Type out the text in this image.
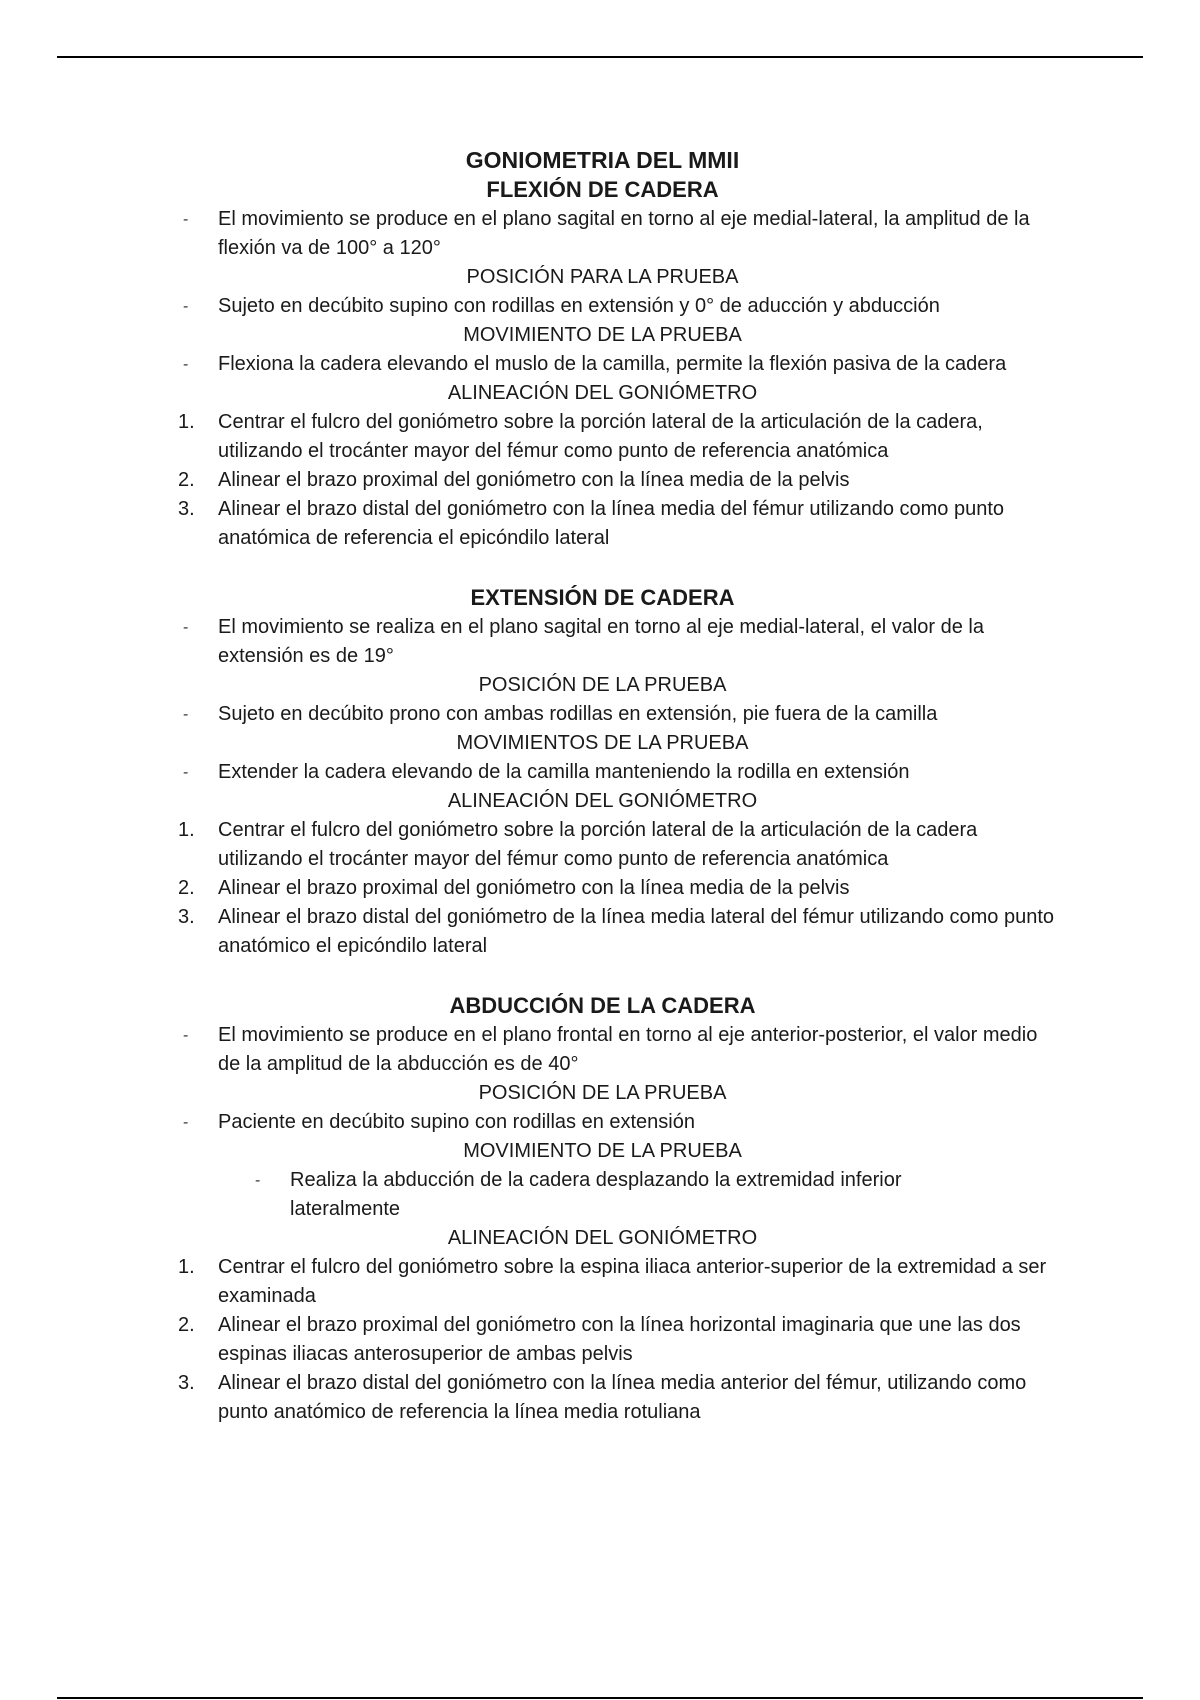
GONIOMETRIA DEL MMII
FLEXIÓN DE CADERA

-	El movimiento se produce en el plano sagital en torno al eje medial-lateral, la amplitud de la flexión va de 100° a 120°

POSICIÓN PARA LA PRUEBA

-	Sujeto en decúbito supino con rodillas en extensión y 0° de aducción y abducción

MOVIMIENTO DE LA PRUEBA

-	Flexiona la cadera elevando el muslo de la camilla, permite la flexión pasiva de la cadera

ALINEACIÓN DEL GONIÓMETRO

1.	Centrar el fulcro del goniómetro sobre la porción lateral de la articulación de la cadera, utilizando el trocánter mayor del fémur como punto de referencia anatómica

2.	Alinear el brazo proximal del goniómetro con la línea media de la pelvis

3.	Alinear el brazo distal del goniómetro con la línea media del fémur utilizando como punto anatómica de referencia el epicóndilo lateral

EXTENSIÓN DE CADERA

-	El movimiento se realiza en el plano sagital en torno al eje medial-lateral, el valor de la extensión es de 19°

POSICIÓN DE LA PRUEBA

-	Sujeto en decúbito prono con ambas rodillas en extensión, pie fuera de la camilla

MOVIMIENTOS DE LA PRUEBA

-	Extender la cadera elevando de la camilla manteniendo la rodilla en extensión

ALINEACIÓN DEL GONIÓMETRO

1.	Centrar el fulcro del goniómetro sobre la porción lateral de la articulación de la cadera utilizando el trocánter mayor del fémur como punto de referencia anatómica

2.	Alinear el brazo proximal del goniómetro con la línea media de la pelvis

3.	Alinear el brazo distal del goniómetro de la línea media lateral del fémur utilizando como punto anatómico el epicóndilo lateral

ABDUCCIÓN DE LA CADERA

-	El movimiento se produce en el plano frontal en torno al eje anterior-posterior, el valor medio de la amplitud de la abducción es de 40°

POSICIÓN DE LA PRUEBA

-	Paciente en decúbito supino con rodillas en extensión

MOVIMIENTO DE LA PRUEBA

-	Realiza la abducción de la cadera desplazando la extremidad inferior lateralmente

ALINEACIÓN DEL GONIÓMETRO

1.	Centrar el fulcro del goniómetro sobre la espina iliaca anterior-superior de la extremidad a ser examinada

2.	Alinear el brazo proximal del goniómetro con la línea horizontal imaginaria que une las dos espinas iliacas anterosuperior de ambas pelvis

3.	Alinear el brazo distal del goniómetro con la línea media anterior del fémur, utilizando como punto anatómico de referencia la línea media rotuliana
